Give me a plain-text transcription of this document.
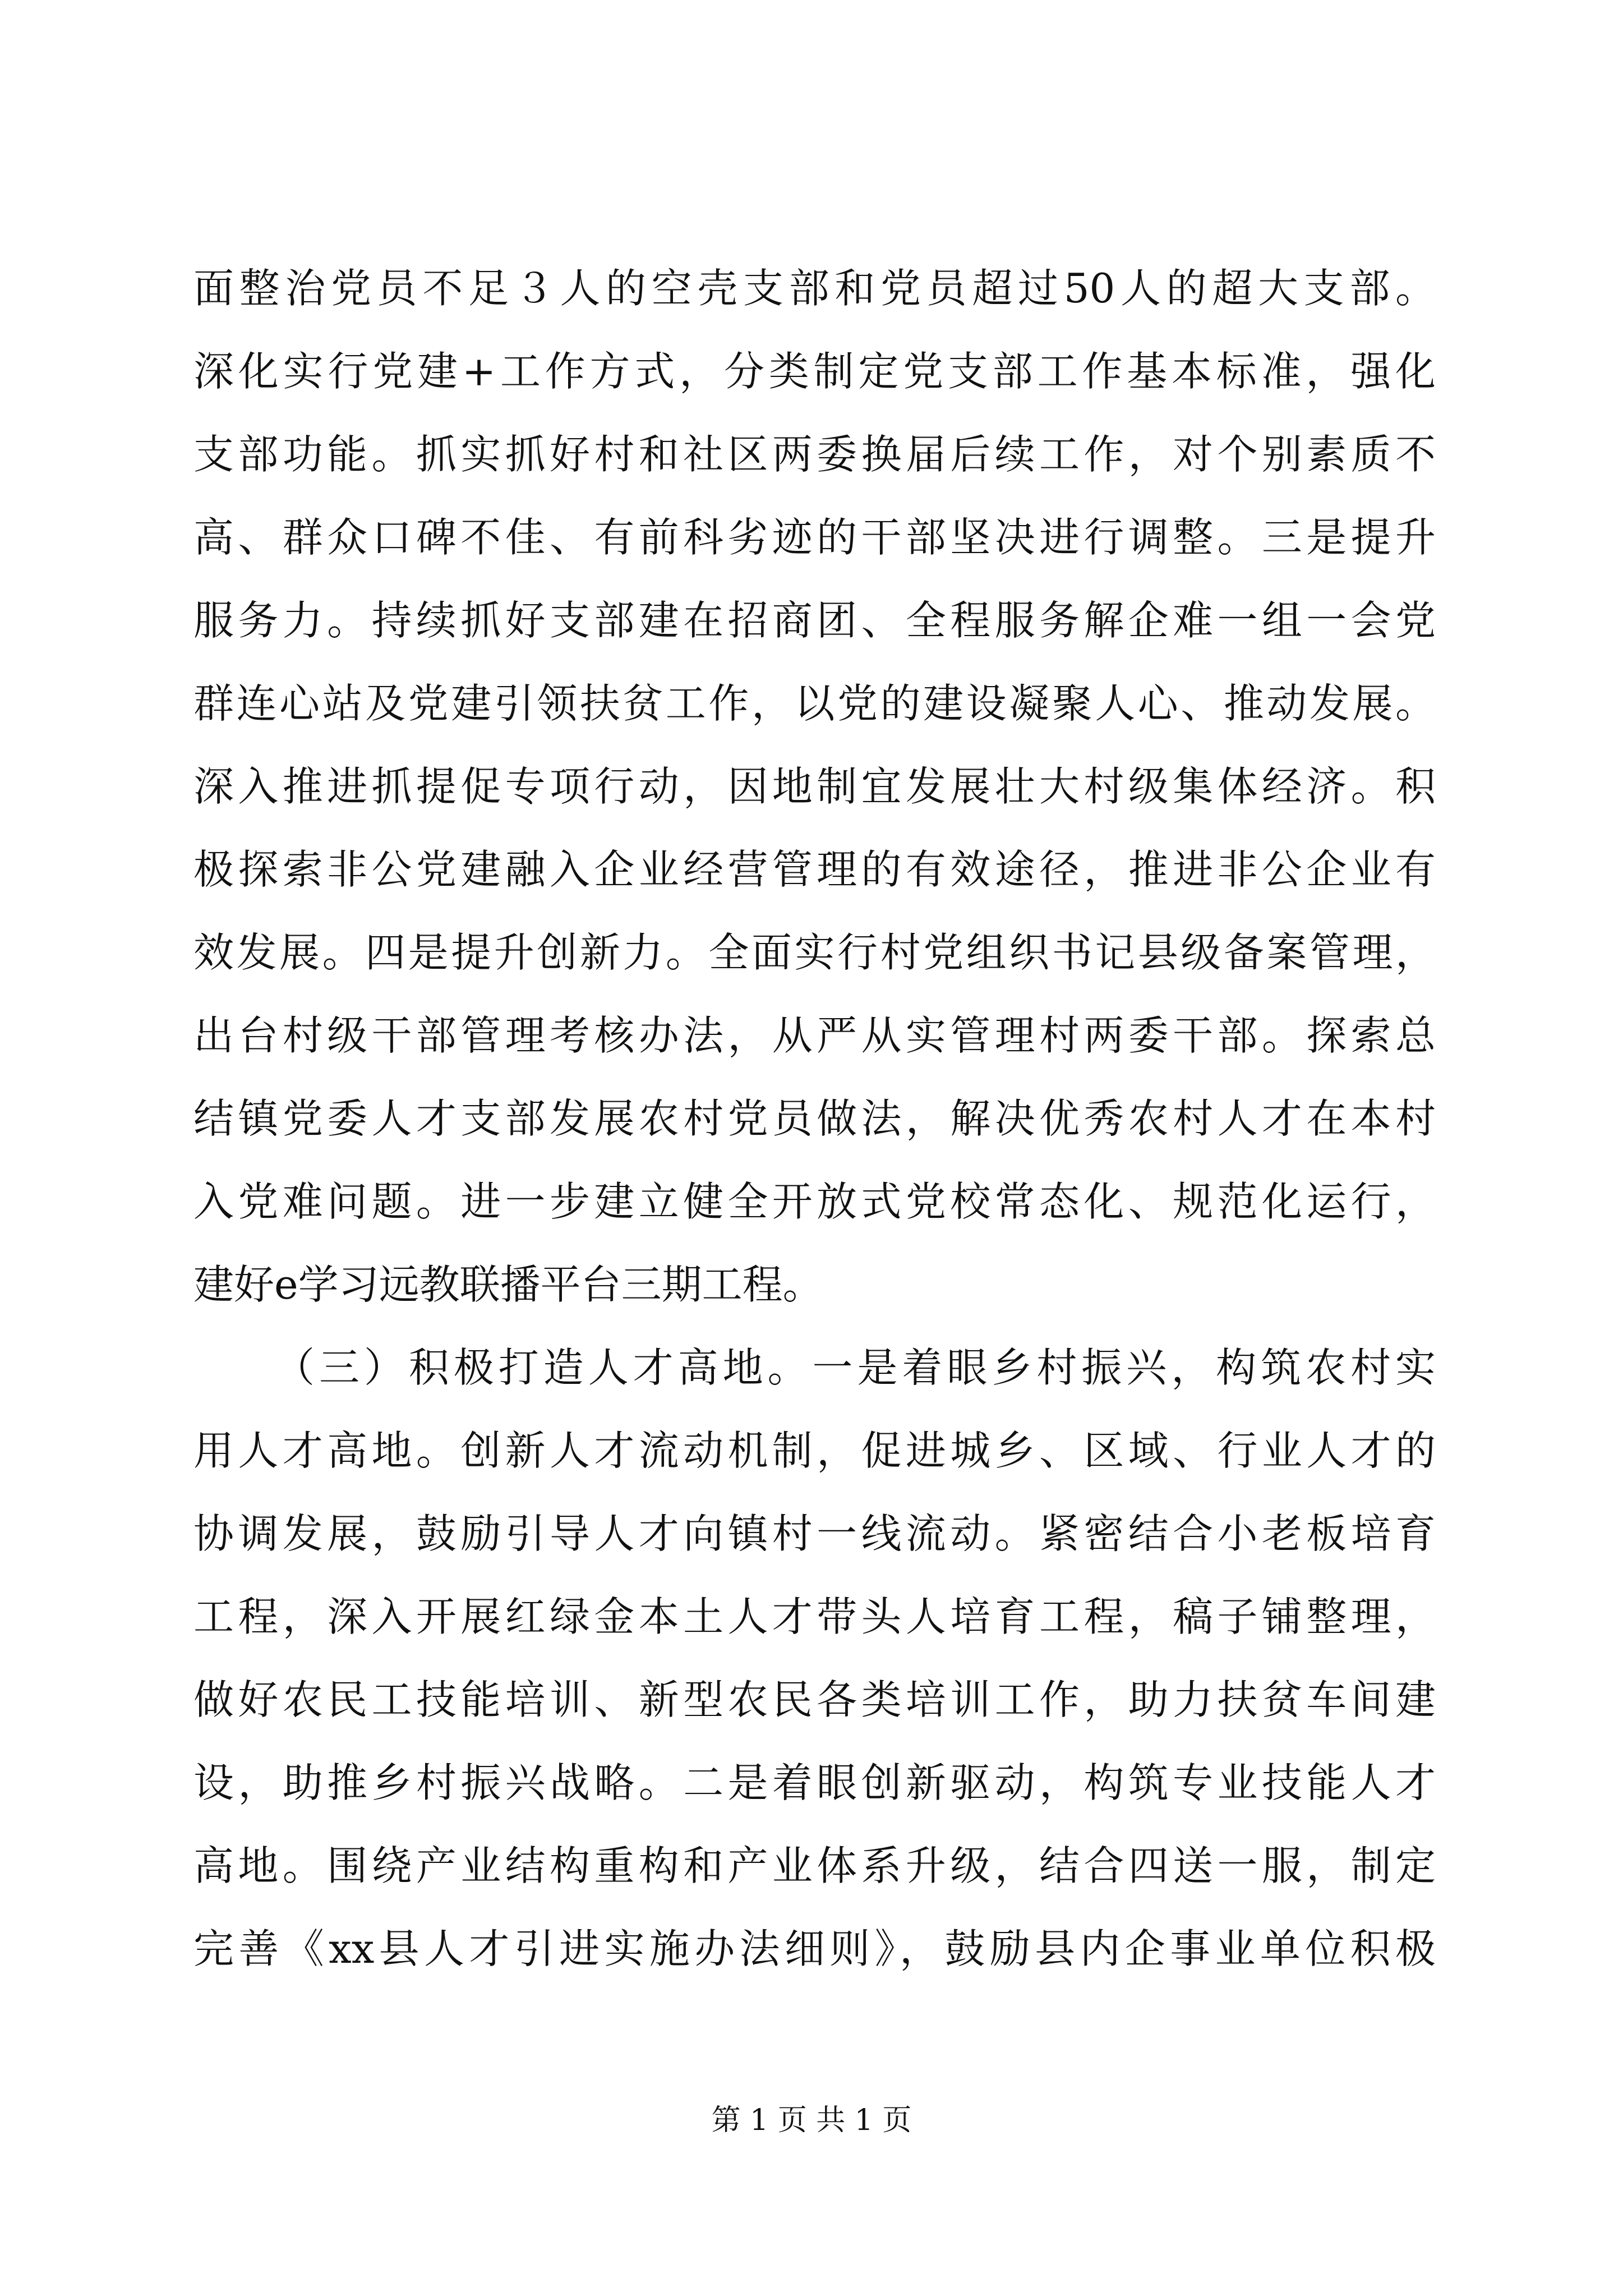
面整治党员不足３人的空壳支部和党员超过50人的超大支部。
深化实行党建+工作方式，分类制定党支部工作基本标准，强化
支部功能。抓实抓好村和社区两委换届后续工作，对个别素质不
高、群众口碑不佳、有前科劣迹的干部坚决进行调整。三是提升
服务力。持续抓好支部建在招商团、全程服务解企难一组一会党
群连心站及党建引领扶贫工作，以党的建设凝聚人心、推动发展。
深入推进抓提促专项行动，因地制宜发展壮大村级集体经济。积
极探索非公党建融入企业经营管理的有效途径，推进非公企业有
效发展。四是提升创新力。全面实行村党组织书记县级备案管理，
出台村级干部管理考核办法，从严从实管理村两委干部。探索总
结镇党委人才支部发展农村党员做法，解决优秀农村人才在本村
入党难问题。进一步建立健全开放式党校常态化、规范化运行，
建好e学习远教联播平台三期工程。
（三）积极打造人才高地。一是着眼乡村振兴，构筑农村实
用人才高地。创新人才流动机制，促进城乡、区域、行业人才的
协调发展，鼓励引导人才向镇村一线流动。紧密结合小老板培育
工程，深入开展红绿金本土人才带头人培育工程，稿子铺整理，
做好农民工技能培训、新型农民各类培训工作，助力扶贫车间建
设，助推乡村振兴战略。二是着眼创新驱动，构筑专业技能人才
高地。围绕产业结构重构和产业体系升级，结合四送一服，制定
完善《xx县人才引进实施办法细则》，鼓励县内企事业单位积极
第 1 页 共 1 页
